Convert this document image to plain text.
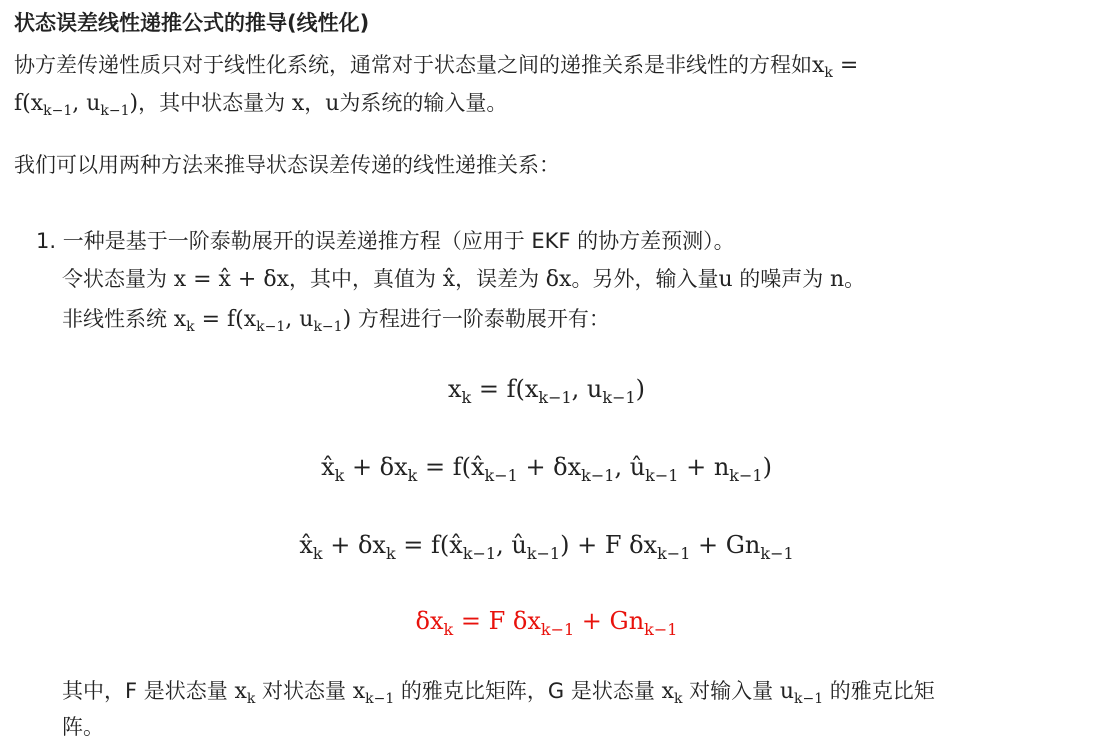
状态误差线性递推公式的推导(线性化)
协方差传递性质只对于线性化系统，通常对于状态量之间的递推关系是非线性的方程如$x_k$ =
$f(x_{k-1}$, $u_{k-1}$)，其中状态量为 x，u为系统的输入量。
我们可以用两种方法来推导状态误差传递的线性递推关系：
1. 一种是基于一阶泰勒展开的误差递推方程（应用于 EKF 的协方差预测）。
令状态量为 x = x̂ + δx，其中，真值为 x̂，误差为 δx。另外，输入量u 的噪声为 n。
非线性系统 $x_k = f(x_{k-1}$, $u_{k-1}$) 方程进行一阶泰勒展开有：
$x_k = f(x_{k-1}$, $u_{k-1}$)
$x̂_k + \delta x_k$ = $f(x̂_{k-1} + \delta x_{k-1}$, $û_{k-1} + n_{k-1}$)
$x̂_k + \delta x_k$ = $f(x̂_{k-1}$, $û_{k-1}) + F$ $\delta x_{k-1} + Gn_{k-1}$
$\delta x_k = F$ $\delta x_{k-1} + Gn_{k-1}$
其中，F 是状态量 $x_k$ 对状态量 $x_{k-1}$ 的雅克比矩阵，G 是状态量 $x_k$ 对输入量 $u_{k-1}$ 的雅克比矩
阵。
